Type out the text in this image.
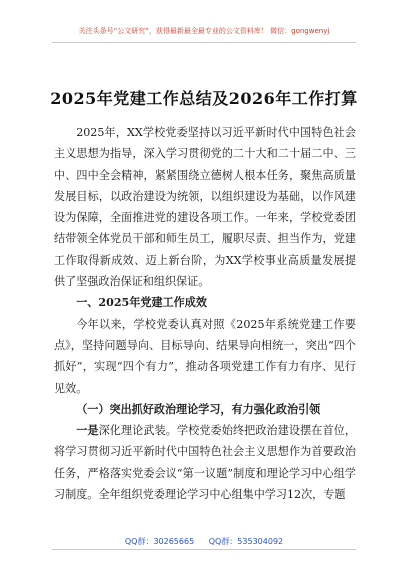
关注头条号“公文研究”，获得最新最全最专业的公文资料库！ 微信：gongwenyj
2025年党建工作总结及2026年工作打算

2025年，XX学校党委坚持以习近平新时代中国特色社会主义思想为指导，深入学习贯彻党的二十大和二十届二中、三中、四中全会精神，紧紧围绕立德树人根本任务，聚焦高质量发展目标，以政治建设为统领，以组织建设为基础，以作风建设为保障，全面推进党的建设各项工作。一年来，学校党委团结带领全体党员干部和师生员工，履职尽责、担当作为，党建工作取得新成效、迈上新台阶，为XX学校事业高质量发展提供了坚强政治保证和组织保证。

一、2025年党建工作成效

今年以来，学校党委认真对照《2025年系统党建工作要点》，坚持问题导向、目标导向、结果导向相统一，突出“四个抓好”，实现“四个有力”，推动各项党建工作有力有序、见行见效。

（一）突出抓好政治理论学习，有力强化政治引领

一是深化理论武装。学校党委始终把政治建设摆在首位，将学习贯彻习近平新时代中国特色社会主义思想作为首要政治任务，严格落实党委会议“第一议题”制度和理论学习中心组学习制度。全年组织党委理论学习中心组集中学习12次，专题

QQ群：30265665 QQ群：535304092
